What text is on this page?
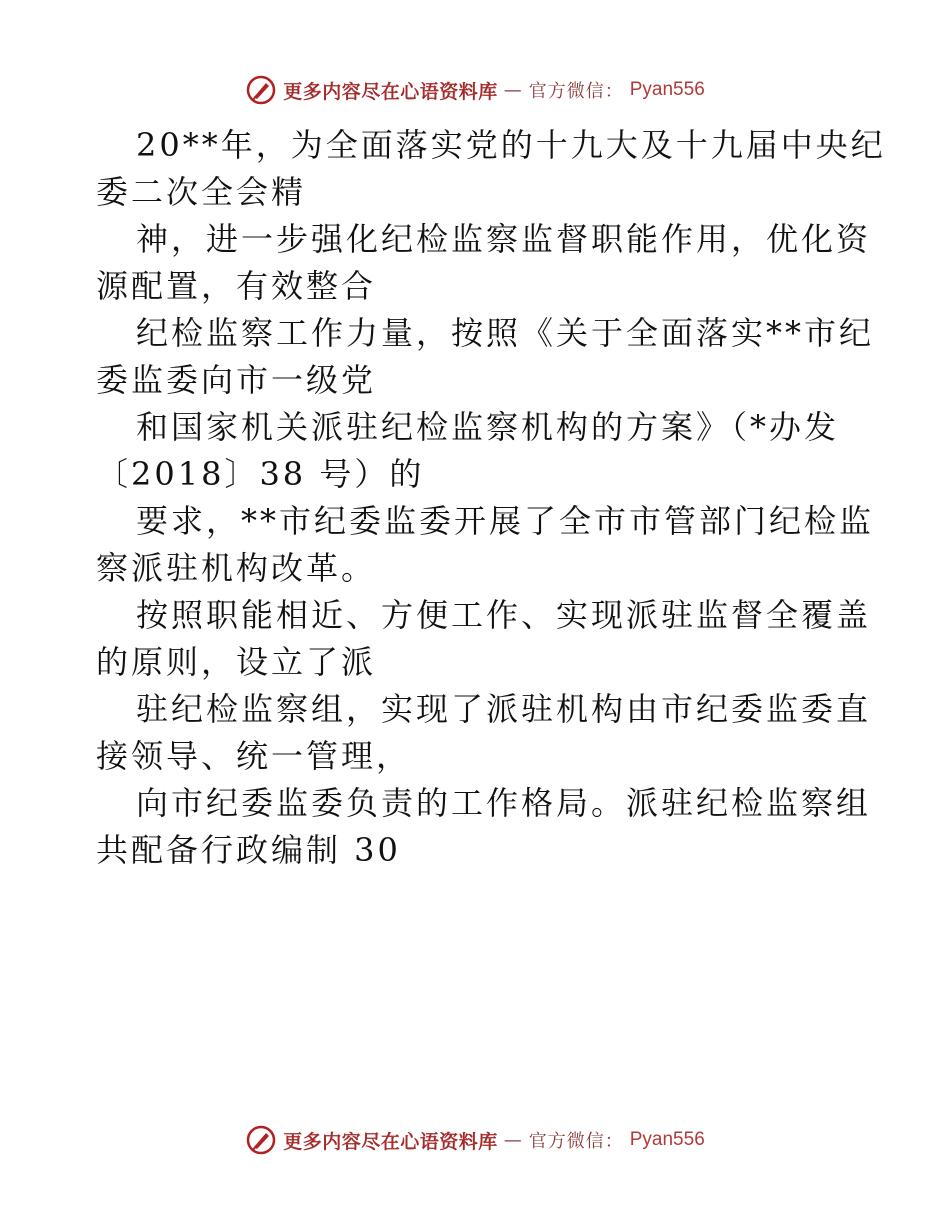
更多内容尽在心语资料库 — 官方微信： Pyan556
20**年，为全面落实党的十九大及十九届中央纪
委二次全会精
神，进一步强化纪检监察监督职能作用，优化资
源配置，有效整合
纪检监察工作力量，按照《关于全面落实**市纪
委监委向市一级党
和国家机关派驻纪检监察机构的方案》（*办发
〔2018〕38 号）的
要求，**市纪委监委开展了全市市管部门纪检监
察派驻机构改革。
按照职能相近、方便工作、实现派驻监督全覆盖
的原则，设立了派
驻纪检监察组，实现了派驻机构由市纪委监委直
接领导、统一管理，
向市纪委监委负责的工作格局。派驻纪检监察组
共配备行政编制 30
更多内容尽在心语资料库 — 官方微信： Pyan556
